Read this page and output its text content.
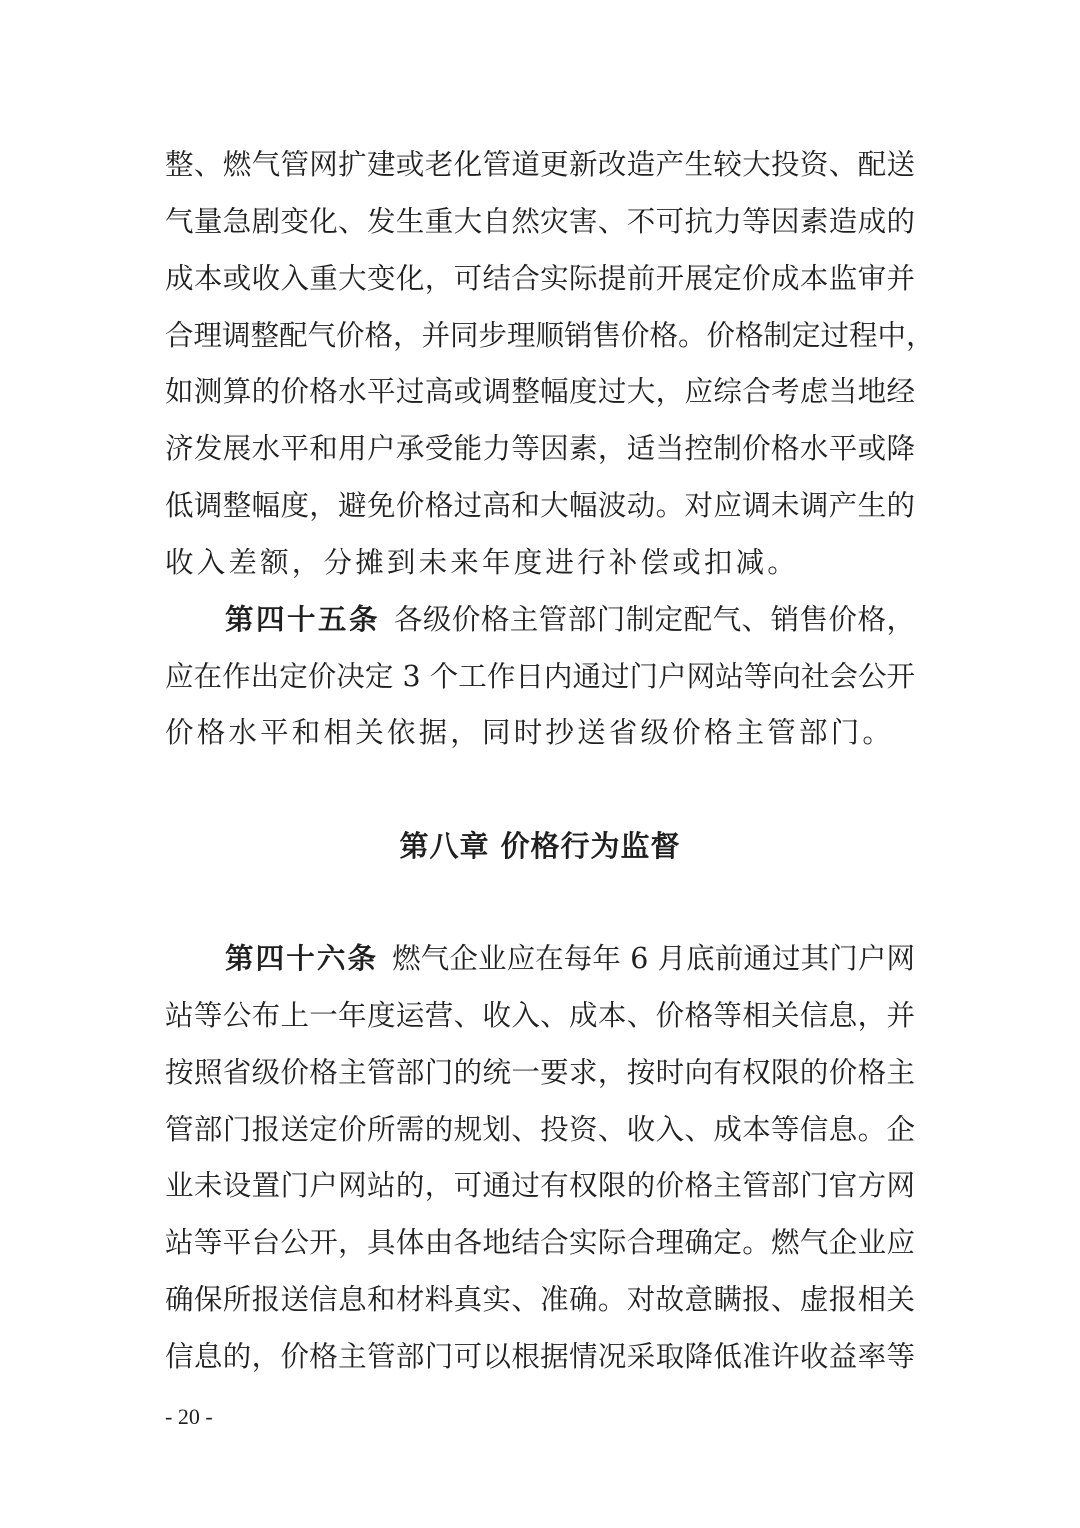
整、燃气管网扩建或老化管道更新改造产生较大投资、配送
气量急剧变化、发生重大自然灾害、不可抗力等因素造成的
成本或收入重大变化，可结合实际提前开展定价成本监审并
合理调整配气价格，并同步理顺销售价格。价格制定过程中，
如测算的价格水平过高或调整幅度过大，应综合考虑当地经
济发展水平和用户承受能力等因素，适当控制价格水平或降
低调整幅度，避免价格过高和大幅波动。对应调未调产生的
收入差额，分摊到未来年度进行补偿或扣减。
第四十五条 各级价格主管部门制定配气、销售价格，
应在作出定价决定 3 个工作日内通过门户网站等向社会公开
价格水平和相关依据，同时抄送省级价格主管部门。
第八章 价格行为监督
第四十六条 燃气企业应在每年 6 月底前通过其门户网
站等公布上一年度运营、收入、成本、价格等相关信息，并
按照省级价格主管部门的统一要求，按时向有权限的价格主
管部门报送定价所需的规划、投资、收入、成本等信息。企
业未设置门户网站的，可通过有权限的价格主管部门官方网
站等平台公开，具体由各地结合实际合理确定。燃气企业应
确保所报送信息和材料真实、准确。对故意瞒报、虚报相关
信息的，价格主管部门可以根据情况采取降低准许收益率等
- 20 -
